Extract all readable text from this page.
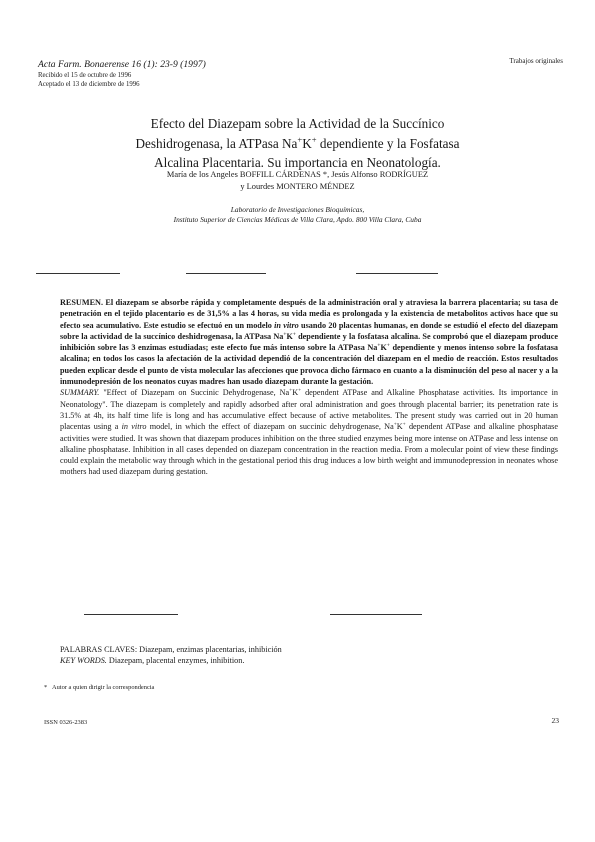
Acta Farm. Bonaerense 16 (1): 23-9 (1997)
Recibido el 15 de octubre de 1996
Aceptado el 13 de diciembre de 1996
Trabajos originales
Efecto del Diazepam sobre la Actividad de la Succínico
Deshidrogenasa, la ATPasa Na+K+ dependiente y la Fosfatasa
Alcalina Placentaria. Su importancia en Neonatología.
María de los Angeles BOFFILL CÁRDENAS *, Jesús Alfonso RODRÍGUEZ
y Lourdes MONTERO MÉNDEZ
Laboratorio de Investigaciones Bioquímicas,
Instituto Superior de Ciencias Médicas de Villa Clara, Apdo. 800 Villa Clara, Cuba

RESUMEN. El diazepam se absorbe rápida y completamente después de la administración oral y atraviesa la barrera placentaria; su tasa de penetración en el tejido placentario es de 31,5% a las 4 horas, su vida media es prolongada y la existencia de metabolitos activos hace que su efecto sea acumulativo. Este estudio se efectuó en un modelo in vitro usando 20 placentas humanas, en donde se estudió el efecto del diazepam sobre la actividad de la succínico deshidrogenasa, la ATPasa Na+K+ dependiente y la fosfatasa alcalina. Se comprobó que el diazepam produce inhibición sobre las 3 enzimas estudiadas; este efecto fue más intenso sobre la ATPasa Na+K+ dependiente y menos intenso sobre la fosfatasa alcalina; en todos los casos la afectación de la actividad dependió de la concentración del diazepam en el medio de reacción. Estos resultados pueden explicar desde el punto de vista molecular las afecciones que provoca dicho fármaco en cuanto a la disminución del peso al nacer y a la inmunodepresión de los neonatos cuyas madres han usado diazepam durante la gestación.

SUMMARY. "Effect of Diazepam on Succinic Dehydrogenase, Na+K+ dependent ATPase and Alkaline Phosphatase activities. Its importance in Neonatology". The diazepam is completely and rapidly adsorbed after oral administration and goes through placental barrier; its penetration rate is 31.5% at 4h, its half time life is long and has accumulative effect because of active metabolites. The present study was carried out in 20 human placentas using a in vitro model, in which the effect of diazepam on succinic dehydrogenase, Na+K+ dependent ATPase and alkaline phosphatase activities were studied. It was shown that diazepam produces inhibition on the three studied enzymes being more intense on ATPase and less intense on alkaline phosphatase. Inhibition in all cases depended on diazepam concentration in the reaction media. From a molecular point of view these findings could explain the metabolic way through which in the gestational period this drug induces a low birth weight and immunodepression in neonates whose mothers had used diazepam during gestation.

PALABRAS CLAVES: Diazepam, enzimas placentarias, inhibición
KEY WORDS. Diazepam, placental enzymes, inhibition.
* Autor a quien dirigir la correspondencia
ISSN 0326-2383	23
